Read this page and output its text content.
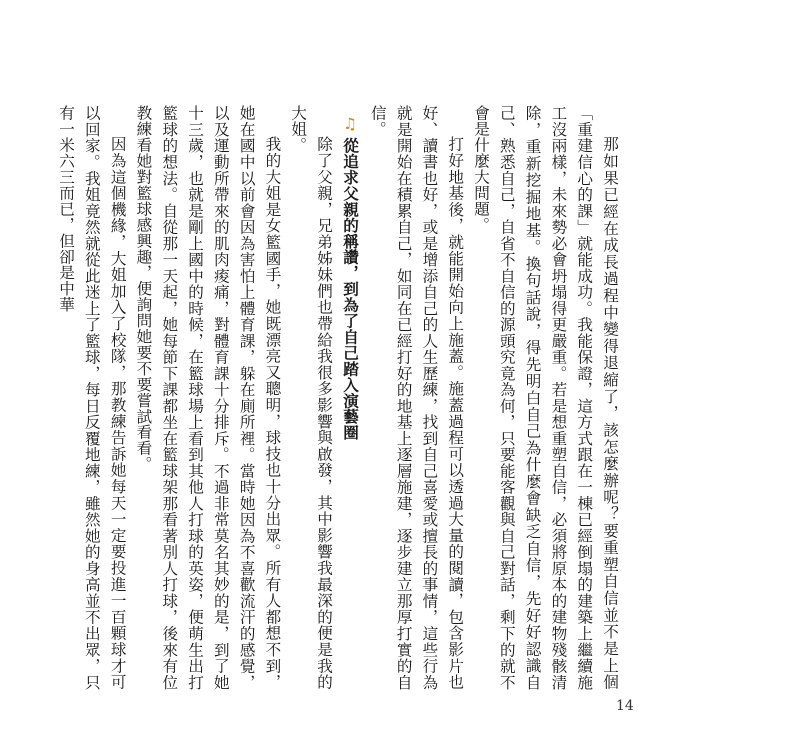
那如果已經在成長過程中變得退縮了，該怎麼辦呢？要重塑自信並不是上個「重建信心的課」就能成功。我能保證，這方式跟在一棟已經倒塌的建築上繼續施工沒兩樣，未來勢必會坍塌得更嚴重。若是想重塑自信，必須將原本的建物殘骸清除，重新挖掘地基。換句話說，得先明白自己為什麼會缺乏自信，先好好認識自己、熟悉自己，自省不自信的源頭究竟為何，只要能客觀與自己對話，剩下的就不會是什麼大問題。

打好地基後，就能開始向上施蓋。施蓋過程可以透過大量的閱讀，包含影片也好、讀書也好，或是增添自己的人生歷練，找到自己喜愛或擅長的事情，這些行為就是開始在積累自己，如同在已經打好的地基上逐層施建，逐步建立那厚打實的自信。

♫從追求父親的稱讚，到為了自己踏入演藝圈

除了父親，兄弟姊妹們也帶給我很多影響與啟發，其中影響我最深的便是我的大姐。

我的大姐是女籃國手，她既漂亮又聰明，球技也十分出眾。所有人都想不到，她在國中以前會因為害怕上體育課，躲在廁所裡。當時她因為不喜歡流汗的感覺，以及運動所帶來的肌肉痠痛，對體育課十分排斥。不過非常莫名其妙的是，到了她十三歲，也就是剛上國中的時候，在籃球場上看到其他人打球的英姿，便萌生出打籃球的想法。自從那一天起，她每節下課都坐在籃球架那看著別人打球，後來有位教練看她對籃球感興趣，便詢問她要不要嘗試看看。

因為這個機緣，大姐加入了校隊，那教練告訴她每天一定要投進一百顆球才可以回家。我姐竟然就從此迷上了籃球，每日反覆地練，雖然她的身高並不出眾，只有一米六三而已，但卻是中華

14
